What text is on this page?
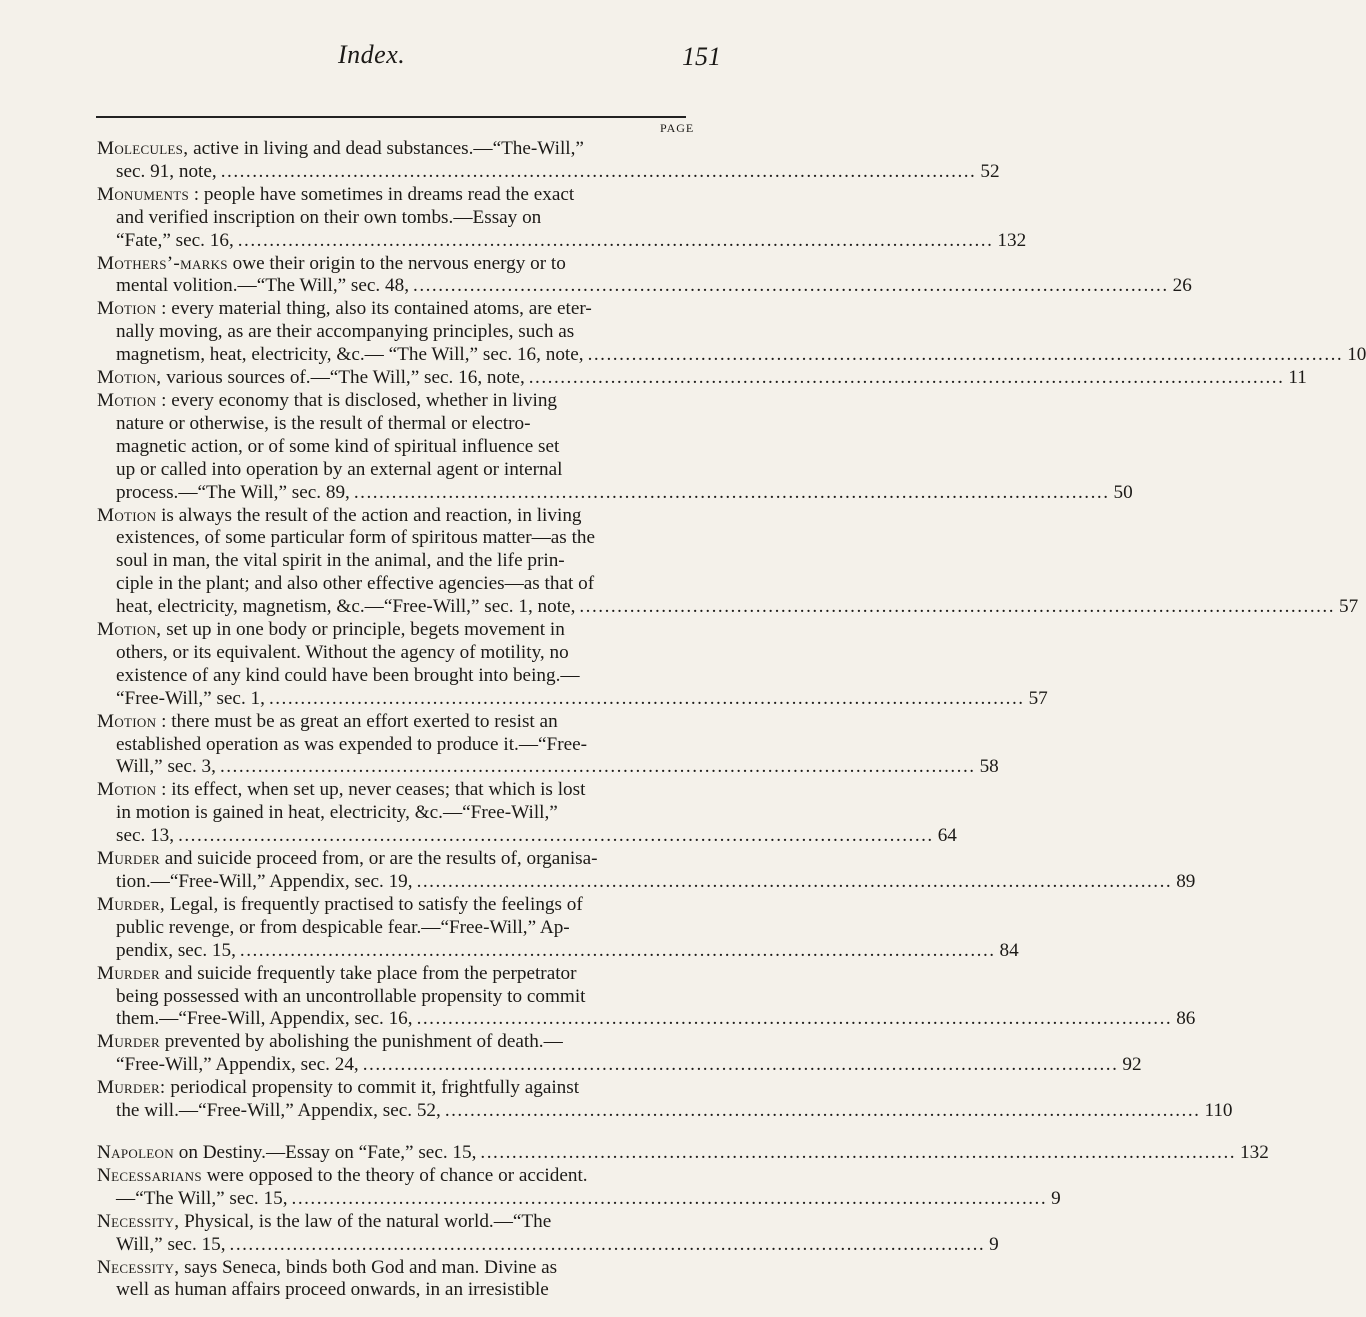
Index.	151
PAGE
Molecules, active in living and dead substances.—“The-Will,”
sec. 91, note, ........................................................................................................................ 52
Monuments : people have sometimes in dreams read the exact
and verified inscription on their own tombs.—Essay on
“Fate,” sec. 16, ........................................................................................................................ 132
Mothers’-marks owe their origin to the nervous energy or to
mental volition.—“The Will,” sec. 48, ........................................................................................................................ 26
Motion : every material thing, also its contained atoms, are eter-
nally moving, as are their accompanying principles, such as
magnetism, heat, electricity, &c.— “The Will,” sec. 16, note, ........................................................................................................................ 10
Motion, various sources of.—“The Will,” sec. 16, note, ........................................................................................................................ 11
Motion : every economy that is disclosed, whether in living
nature or otherwise, is the result of thermal or electro-
magnetic action, or of some kind of spiritual influence set
up or called into operation by an external agent or internal
process.—“The Will,” sec. 89, ........................................................................................................................ 50
Motion is always the result of the action and reaction, in living
existences, of some particular form of spiritous matter—as the
soul in man, the vital spirit in the animal, and the life prin-
ciple in the plant; and also other effective agencies—as that of
heat, electricity, magnetism, &c.—“Free-Will,” sec. 1, note, ........................................................................................................................ 57
Motion, set up in one body or principle, begets movement in
others, or its equivalent. Without the agency of motility, no
existence of any kind could have been brought into being.—
“Free-Will,” sec. 1, ........................................................................................................................ 57
Motion : there must be as great an effort exerted to resist an
established operation as was expended to produce it.—“Free-
Will,” sec. 3, ........................................................................................................................ 58
Motion : its effect, when set up, never ceases; that which is lost
in motion is gained in heat, electricity, &c.—“Free-Will,”
sec. 13, ........................................................................................................................ 64
Murder and suicide proceed from, or are the results of, organisa-
tion.—“Free-Will,” Appendix, sec. 19, ........................................................................................................................ 89
Murder, Legal, is frequently practised to satisfy the feelings of
public revenge, or from despicable fear.—“Free-Will,” Ap-
pendix, sec. 15, ........................................................................................................................ 84
Murder and suicide frequently take place from the perpetrator
being possessed with an uncontrollable propensity to commit
them.—“Free-Will, Appendix, sec. 16, ........................................................................................................................ 86
Murder prevented by abolishing the punishment of death.—
“Free-Will,” Appendix, sec. 24, ........................................................................................................................ 92
Murder: periodical propensity to commit it, frightfully against
the will.—“Free-Will,” Appendix, sec. 52, ........................................................................................................................ 110
Napoleon on Destiny.—Essay on “Fate,” sec. 15, ........................................................................................................................ 132
Necessarians were opposed to the theory of chance or accident.
—“The Will,” sec. 15, ........................................................................................................................ 9
Necessity, Physical, is the law of the natural world.—“The
Will,” sec. 15, ........................................................................................................................ 9
Necessity, says Seneca, binds both God and man. Divine as
well as human affairs proceed onwards, in an irresistible
